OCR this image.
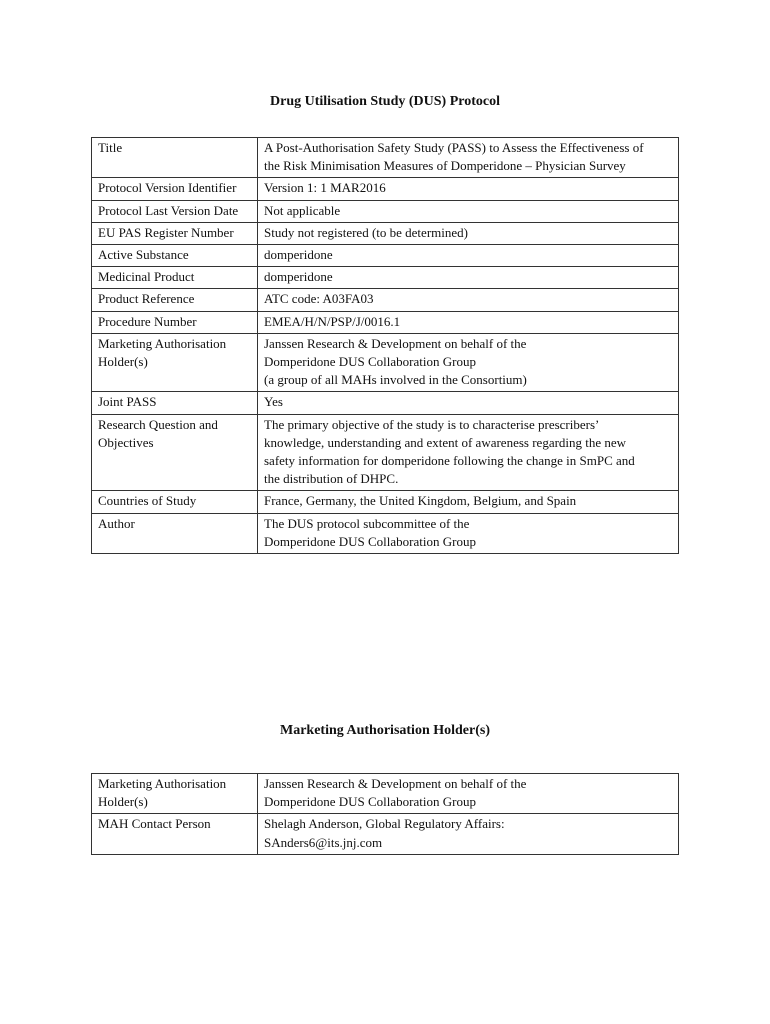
Drug Utilisation Study (DUS) Protocol
Title	A Post-Authorisation Safety Study (PASS) to Assess the Effectiveness of
the Risk Minimisation Measures of Domperidone – Physician Survey

Protocol Version Identifier	Version 1: 1 MAR2016

Protocol Last Version Date	Not applicable

EU PAS Register Number	Study not registered (to be determined)

Active Substance	domperidone

Medicinal Product	domperidone

Product Reference	ATC code: A03FA03

Procedure Number	EMEA/H/N/PSP/J/0016.1

Marketing Authorisation
Holder(s)	Janssen Research & Development on behalf of the
Domperidone DUS Collaboration Group
(a group of all MAHs involved in the Consortium)

Joint PASS	Yes

Research Question and
Objectives	The primary objective of the study is to characterise prescribers’
knowledge, understanding and extent of awareness regarding the new
safety information for domperidone following the change in SmPC and
the distribution of DHPC.

Countries of Study	France, Germany, the United Kingdom, Belgium, and Spain

Author	The DUS protocol subcommittee of the
Domperidone DUS Collaboration Group
Marketing Authorisation Holder(s)
Marketing Authorisation
Holder(s)	Janssen Research & Development on behalf of the
Domperidone DUS Collaboration Group

MAH Contact Person	Shelagh Anderson, Global Regulatory Affairs:
SAnders6@its.jnj.com
